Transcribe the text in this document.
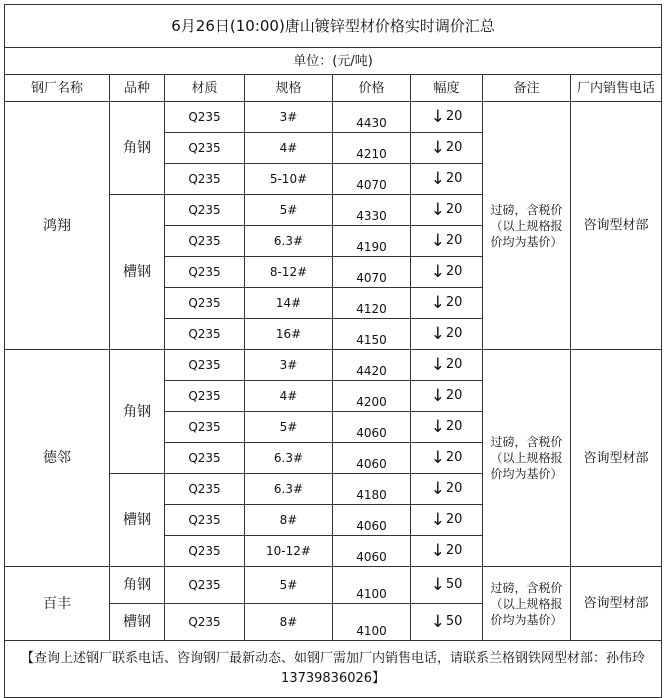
6月26日(10:00)唐山镀锌型材价格实时调价汇总							
单位：(元/吨)							
钢厂名称	品种	材质	规格	价格	幅度	备注	厂内销售电话
鸿翔	角钢	Q235	3#	4430	↓20	过磅，含税价（以上规格报价均为基价）	咨询型材部
		Q235	4#	4210	↓20		
		Q235	5-10#	4070	↓20		
	槽钢	Q235	5#	4330	↓20		
		Q235	6.3#	4190	↓20		
		Q235	8-12#	4070	↓20		
		Q235	14#	4120	↓20		
		Q235	16#	4150	↓20		
德邻	角钢	Q235	3#	4420	↓20	过磅，含税价（以上规格报价均为基价）	咨询型材部
		Q235	4#	4200	↓20		
		Q235	5#	4060	↓20		
		Q235	6.3#	4060	↓20		
	槽钢	Q235	6.3#	4180	↓20		
		Q235	8#	4060	↓20		
		Q235	10-12#	4060	↓20		
百丰	角钢	Q235	5#	4100	↓50	过磅，含税价（以上规格报价均为基价）	咨询型材部
	槽钢	Q235	8#	4100	↓50		
【查询上述钢厂联系电话、咨询钢厂最新动态、如钢厂需加厂内销售电话，请联系兰格钢铁网型材部：孙伟玲13739836026】							
